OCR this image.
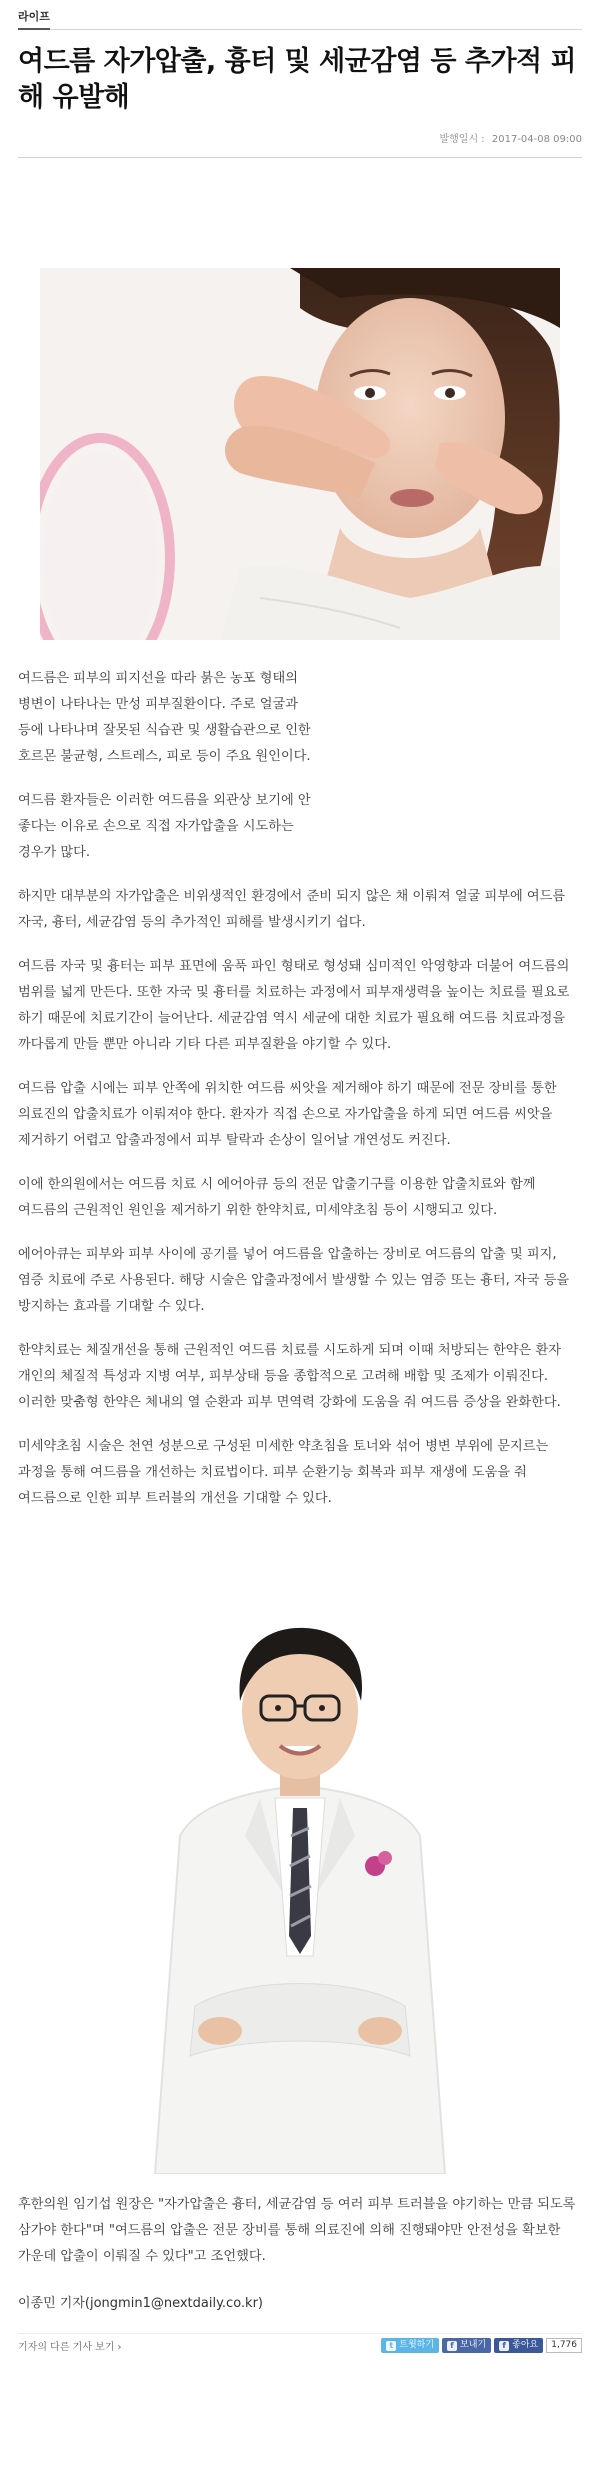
라이프
여드름 자가압출, 흉터 및 세균감염 등 추가적 피해 유발해
발행일시 : 2017-04-08 09:00

여드름은 피부의 피지선을 따라 붉은 농포 형태의 병변이 나타나는 만성 피부질환이다. 주로 얼굴과 등에 나타나며 잘못된 식습관 및 생활습관으로 인한 호르몬 불균형, 스트레스, 피로 등이 주요 원인이다.

여드름 환자들은 이러한 여드름을 외관상 보기에 안 좋다는 이유로 손으로 직접 자가압출을 시도하는 경우가 많다.

하지만 대부분의 자가압출은 비위생적인 환경에서 준비 되지 않은 채 이뤄져 얼굴 피부에 여드름 자국, 흉터, 세균감염 등의 추가적인 피해를 발생시키기 쉽다.

여드름 자국 및 흉터는 피부 표면에 움푹 파인 형태로 형성돼 심미적인 악영향과 더불어 여드름의 범위를 넓게 만든다. 또한 자국 및 흉터를 치료하는 과정에서 피부재생력을 높이는 치료를 필요로 하기 때문에 치료기간이 늘어난다. 세균감염 역시 세균에 대한 치료가 필요해 여드름 치료과정을 까다롭게 만들 뿐만 아니라 기타 다른 피부질환을 야기할 수 있다.

여드름 압출 시에는 피부 안쪽에 위치한 여드름 씨앗을 제거해야 하기 때문에 전문 장비를 통한 의료진의 압출치료가 이뤄져야 한다. 환자가 직접 손으로 자가압출을 하게 되면 여드름 씨앗을 제거하기 어렵고 압출과정에서 피부 탈락과 손상이 일어날 개연성도 커진다.

이에 한의원에서는 여드름 치료 시 에어아큐 등의 전문 압출기구를 이용한 압출치료와 함께 여드름의 근원적인 원인을 제거하기 위한 한약치료, 미세약초침 등이 시행되고 있다.

에어아큐는 피부와 피부 사이에 공기를 넣어 여드름을 압출하는 장비로 여드름의 압출 및 피지, 염증 치료에 주로 사용된다. 해당 시술은 압출과정에서 발생할 수 있는 염증 또는 흉터, 자국 등을 방지하는 효과를 기대할 수 있다.

한약치료는 체질개선을 통해 근원적인 여드름 치료를 시도하게 되며 이때 처방되는 한약은 환자 개인의 체질적 특성과 지병 여부, 피부상태 등을 종합적으로 고려해 배합 및 조제가 이뤄진다. 이러한 맞춤형 한약은 체내의 열 순환과 피부 면역력 강화에 도움을 줘 여드름 증상을 완화한다.

미세약초침 시술은 천연 성분으로 구성된 미세한 약초침을 토너와 섞어 병변 부위에 문지르는 과정을 통해 여드름을 개선하는 치료법이다. 피부 순환기능 회복과 피부 재생에 도움을 줘 여드름으로 인한 피부 트러블의 개선을 기대할 수 있다.

후한의원 임기섭 원장은 "자가압출은 흉터, 세균감염 등 여러 피부 트러블을 야기하는 만큼 되도록 삼가야 한다"며 "여드름의 압출은 전문 장비를 통해 의료진에 의해 진행돼야만 안전성을 확보한 가운데 압출이 이뤄질 수 있다"고 조언했다.

이종민 기자(jongmin1@nextdaily.co.kr)
기자의 다른 기사 보기 ›	t 트윗하기	f 보내기	f 좋아요	1,776
